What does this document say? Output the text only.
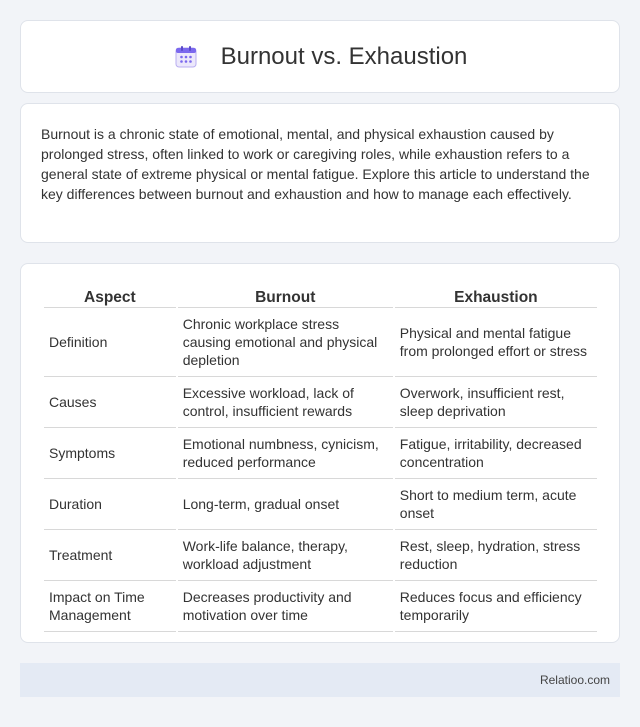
Burnout vs. Exhaustion

Burnout is a chronic state of emotional, mental, and physical exhaustion caused by prolonged stress, often linked to work or caregiving roles, while exhaustion refers to a general state of extreme physical or mental fatigue. Explore this article to understand the key differences between burnout and exhaustion and how to manage each effectively.

Aspect	Burnout	Exhaustion
Definition	Chronic workplace stress causing emotional and physical depletion	Physical and mental fatigue from prolonged effort or stress
Causes	Excessive workload, lack of control, insufficient rewards	Overwork, insufficient rest, sleep deprivation
Symptoms	Emotional numbness, cynicism, reduced performance	Fatigue, irritability, decreased concentration
Duration	Long-term, gradual onset	Short to medium term, acute onset
Treatment	Work-life balance, therapy, workload adjustment	Rest, sleep, hydration, stress reduction
Impact on Time Management	Decreases productivity and motivation over time	Reduces focus and efficiency temporarily
Relatioo.com
